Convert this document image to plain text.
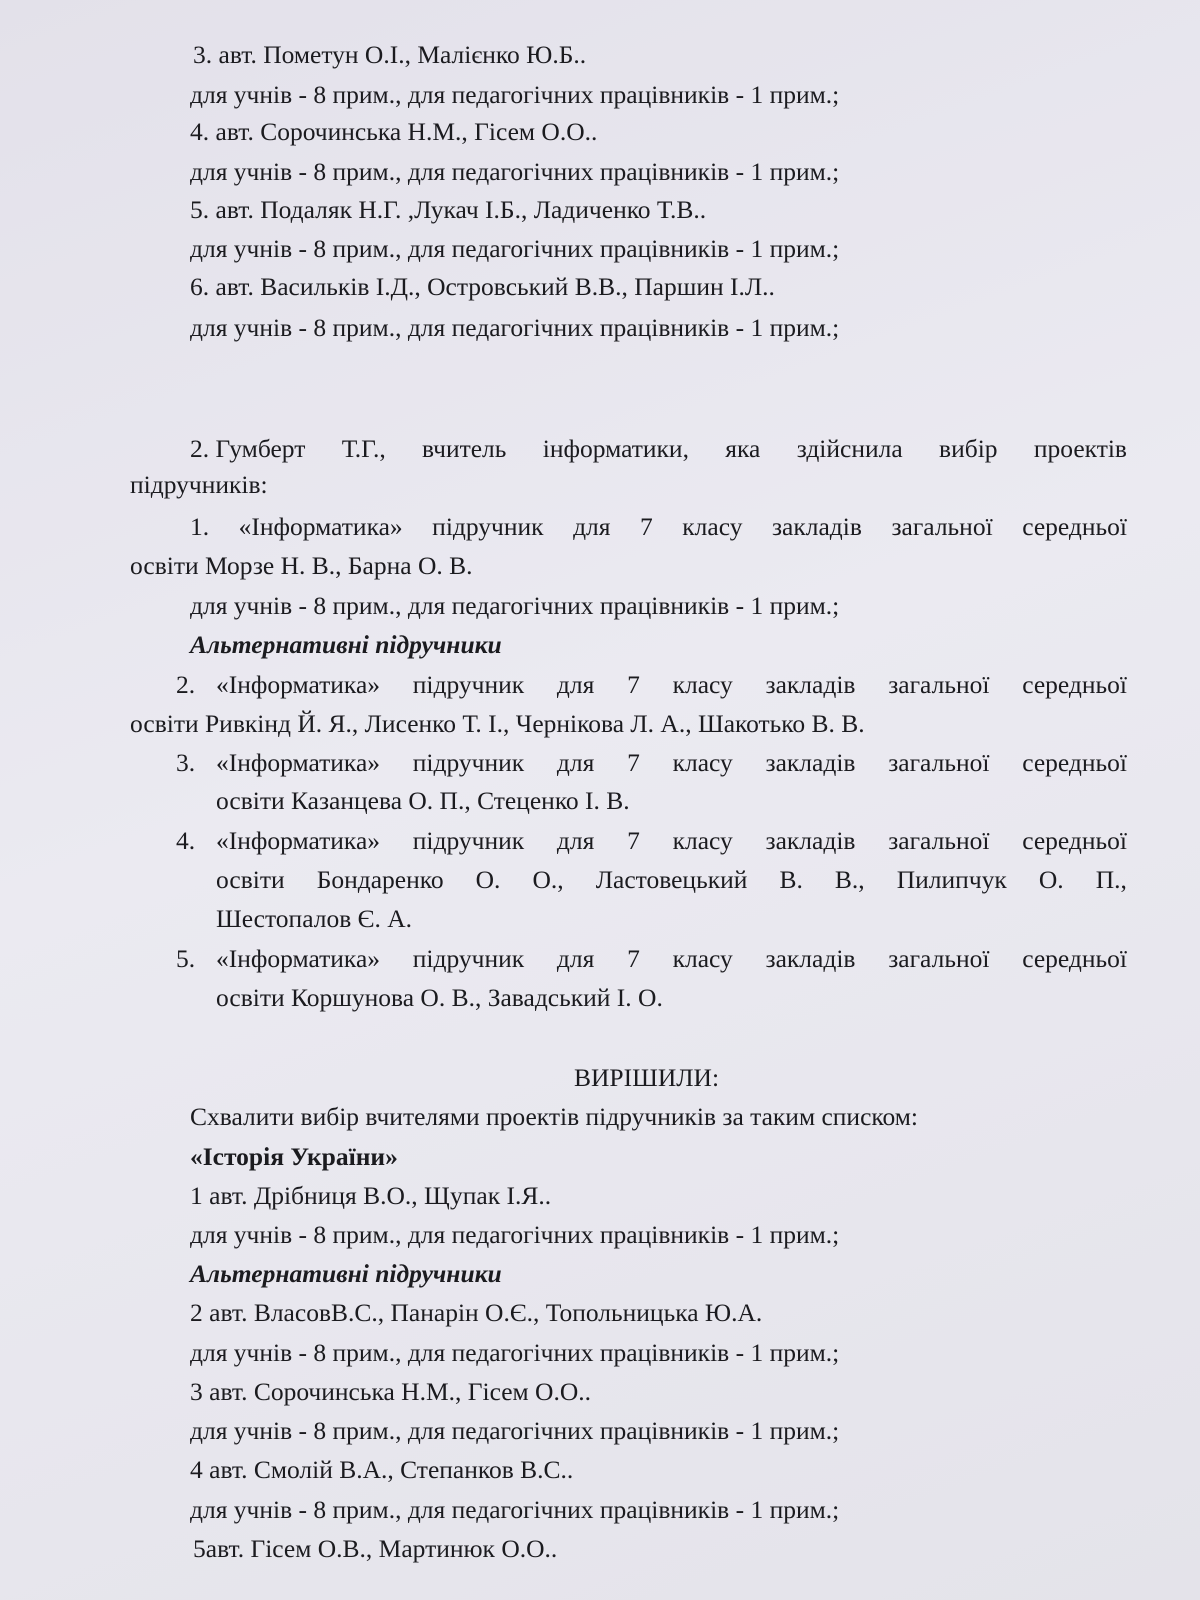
3. авт. Пометун О.І., Малієнко Ю.Б..
для учнів - 8 прим., для педагогічних працівників - 1 прим.;
4. авт. Сорочинська Н.М., Гісем О.О..
для учнів - 8 прим., для педагогічних працівників - 1 прим.;
5. авт. Подаляк Н.Г. ,Лукач І.Б., Ладиченко Т.В..
для учнів - 8 прим., для педагогічних працівників - 1 прим.;
6. авт. Васильків І.Д., Островський В.В., Паршин І.Л..
для учнів - 8 прим., для педагогічних працівників - 1 прим.;
2. Гумберт Т.Г., вчитель інформатики, яка здійснила вибір проектів
підручників:
1. «Інформатика» підручник для 7 класу закладів загальної середньої
освіти Морзе Н. В., Барна О. В.
для учнів - 8 прим., для педагогічних працівників - 1 прим.;
Альтернативні підручники
2. «Інформатика» підручник для 7 класу закладів загальної середньої
освіти Ривкінд Й. Я., Лисенко Т. І., Чернікова Л. А., Шакотько В. В.
3. «Інформатика» підручник для 7 класу закладів загальної середньої
освіти Казанцева О. П., Стеценко І. В.
4. «Інформатика» підручник для 7 класу закладів загальної середньої
освіти Бондаренко О. О., Ластовецький В. В., Пилипчук О. П.,
Шестопалов Є. А.
5. «Інформатика» підручник для 7 класу закладів загальної середньої
освіти Коршунова О. В., Завадський І. О.
ВИРІШИЛИ:
Схвалити вибір вчителями проектів підручників за таким списком:
«Історія України»
1 авт. Дрібниця В.О., Щупак І.Я..
для учнів - 8 прим., для педагогічних працівників - 1 прим.;
Альтернативні підручники
2 авт. ВласовВ.С., Панарін О.Є., Топольницька Ю.А.
для учнів - 8 прим., для педагогічних працівників - 1 прим.;
3 авт. Сорочинська Н.М., Гісем О.О..
для учнів - 8 прим., для педагогічних працівників - 1 прим.;
4 авт. Смолій В.А., Степанков В.С..
для учнів - 8 прим., для педагогічних працівників - 1 прим.;
5авт. Гісем О.В., Мартинюк О.О..
